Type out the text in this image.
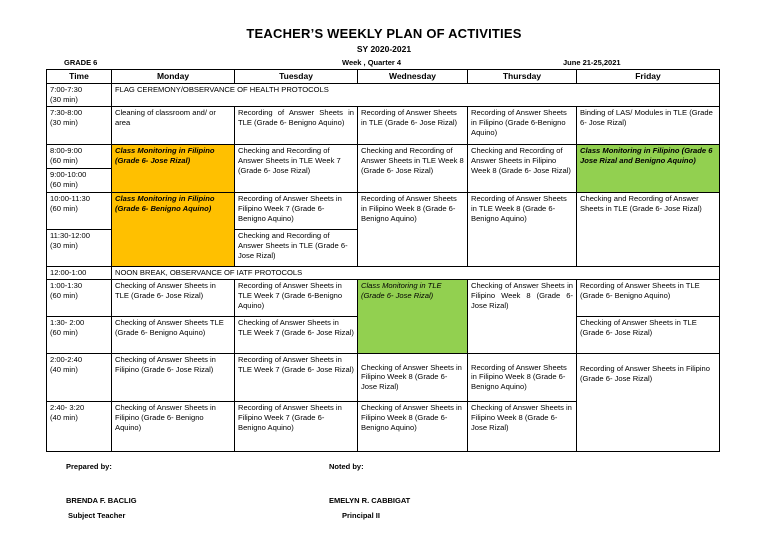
TEACHER’S WEEKLY PLAN OF ACTIVITIES
SY 2020-2021
GRADE 6	Week , Quarter 4	June 21-25,2021
Time	Monday	Tuesday	Wednesday	Thursday	Friday
7:00-7:30
(30 min)	FLAG CEREMONY/OBSERVANCE OF HEALTH PROTOCOLS				
7:30-8:00
(30 min)	Cleaning of classroom and/ or area	Recording of Answer Sheets in TLE (Grade 6- Benigno Aquino)	Recording of Answer Sheets in TLE (Grade 6- Jose Rizal)	Recording of Answer Sheets in Filipino (Grade 6-Benigno Aquino)	Binding of LAS/ Modules in TLE (Grade 6- Jose Rizal)
8:00-9:00
(60 min)	Class Monitoring in Filipino (Grade 6- Jose Rizal)	Checking and Recording of Answer Sheets in TLE Week 7 (Grade 6- Jose Rizal)	Checking and Recording of Answer Sheets in TLE Week 8 (Grade 6- Jose Rizal)	Checking and Recording of Answer Sheets in Filipino Week 8 (Grade 6- Jose Rizal)	Class Monitoring in Filipino (Grade 6 Jose Rizal and Benigno Aquino)
9:00-10:00
(60 min)					
10:00-11:30
(60 min)	Class Monitoring in Filipino (Grade 6- Benigno Aquino)	Recording of Answer Sheets in Filipino Week 7 (Grade 6- Benigno Aquino)	Recording of Answer Sheets in Filipino Week 8 (Grade 6- Benigno Aquino)	Recording of Answer Sheets in TLE Week 8 (Grade 6- Benigno Aquino)	Checking and Recording of Answer Sheets in TLE (Grade 6- Jose Rizal)
11:30-12:00
(30 min)		Checking and Recording of Answer Sheets in TLE (Grade 6- Jose Rizal)			
12:00-1:00	NOON BREAK, OBSERVANCE OF IATF PROTOCOLS				
1:00-1:30
(60 min)	Checking of Answer Sheets in TLE (Grade 6- Jose Rizal)	Recording of Answer Sheets in TLE Week 7 (Grade 6-Benigno Aquino)	Class Monitoring in TLE (Grade 6- Jose Rizal)	Checking of Answer Sheets in Filipino Week 8 (Grade 6- Jose Rizal)	Recording of Answer Sheets in TLE (Grade 6- Benigno Aquino)
1:30- 2:00
(60 min)	Checking of Answer Sheets TLE (Grade 6- Benigno Aquino)	Checking of Answer Sheets in TLE Week 7 (Grade 6- Jose Rizal)			Checking of Answer Sheets in TLE (Grade 6- Jose Rizal)
2:00-2:40
(40 min)	Checking of Answer Sheets in Filipino (Grade 6- Jose Rizal)	Recording of Answer Sheets in TLE Week 7 (Grade 6- Jose Rizal)	Checking of Answer Sheets in Filipino Week 8 (Grade 6- Jose Rizal)	Recording of Answer Sheets in Filipino Week 8 (Grade 6- Benigno Aquino)	Recording of Answer Sheets in Filipino (Grade 6- Jose Rizal)
2:40- 3:20
(40 min)	Checking of Answer Sheets in Filipino (Grade 6- Benigno Aquino)	Recording of Answer Sheets in Filipino Week 7 (Grade 6- Benigno Aquino)	Checking of Answer Sheets in Filipino Week 8 (Grade 6- Benigno Aquino)	Checking of Answer Sheets in Filipino Week 8 (Grade 6- Jose Rizal)	
Prepared by:	Noted by:
BRENDA F. BACLIG
Subject Teacher
EMELYN R. CABBIGAT
Principal II
